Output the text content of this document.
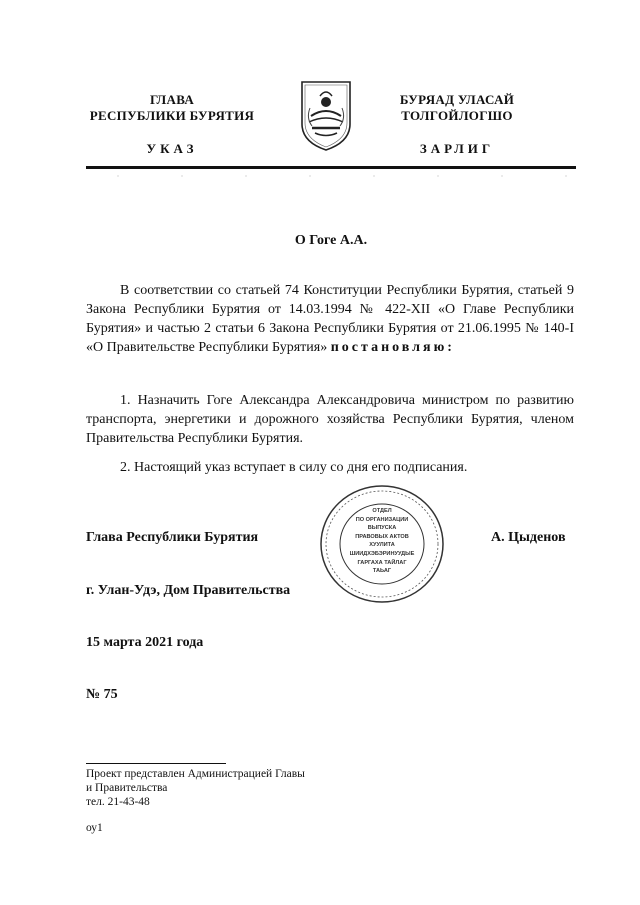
ГЛАВА
РЕСПУБЛИКИ БУРЯТИЯ
БУРЯАД УЛАСАЙ
ТОЛГОЙЛОГШО
УКАЗ	ЗАРЛИГ
О Гоге А.А.

В соответствии со статьей 74 Конституции Республики Бурятия, статьей 9 Закона Республики Бурятия от 14.03.1994 № 422-XII «О Главе Республики Бурятия» и частью 2 статьи 6 Закона Республики Бурятия от 21.06.1995 № 140-I «О Правительстве Республики Бурятия» постановляю:

1. Назначить Гоге Александра Александровича министром по развитию транспорта, энергетики и дорожного хозяйства Республики Бурятия, членом Правительства Республики Бурятия.

2. Настоящий указ вступает в силу со дня его подписания.

Глава Республики Бурятия
ОТДЕЛ
ПО ОРГАНИЗАЦИИ
ВЫПУСКА
ПРАВОВЫХ АКТОВ
ХУУЛИТА
ШИИДХЭБЭРИНУУДЫЕ
ГАРГАХА ТАЙЛАГ
ТАЬАГ
А. Цыденов
г. Улан-Удэ, Дом Правительства
15 марта 2021 года
№ 75
Проект представлен Администрацией Главы
и Правительства
тел. 21-43-48
оу1
